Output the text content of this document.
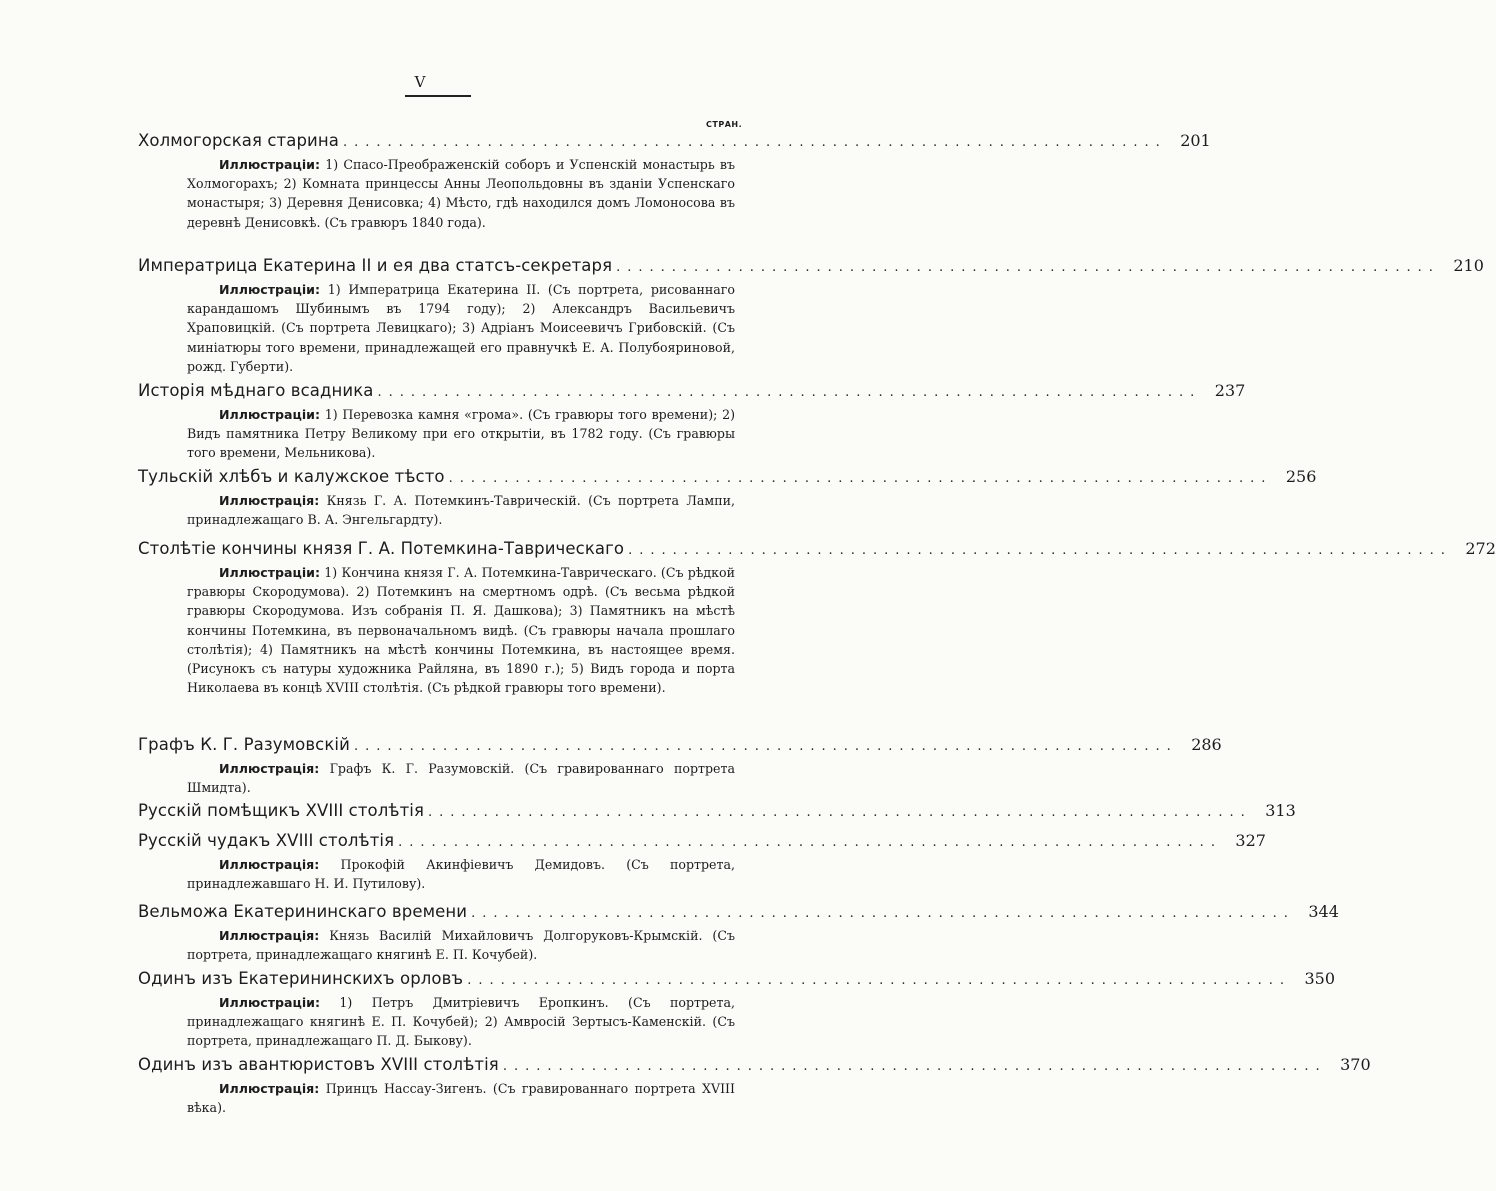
V
СТРАН.
Холмогорская старина .......................................................................... 201
Иллюстраціи: 1) Спасо-Преображенскій соборъ и Успенскій монастырь въ Холмогорахъ; 2) Комната принцессы Анны Леопольдовны въ зданіи Успенскаго монастыря; 3) Деревня Денисовка; 4) Мѣсто, гдѣ находился домъ Ломоносова въ деревнѣ Денисовкѣ. (Съ гравюръ 1840 года).
Императрица Екатерина II и ея два статсъ-секретаря .......................................................................... 210
Иллюстраціи: 1) Императрица Екатерина II. (Съ портрета, рисованнаго карандашомъ Шубинымъ въ 1794 году); 2) Александръ Васильевичъ Храповицкій. (Съ портрета Левицкаго); 3) Адріанъ Моисеевичъ Грибовскій. (Съ миніатюры того времени, принадлежащей его правнучкѣ Е. А. Полубояриновой, рожд. Губерти).
Исторія мѣднаго всадника .......................................................................... 237
Иллюстраціи: 1) Перевозка камня «грома». (Съ гравюры того времени); 2) Видъ памятника Петру Великому при его открытіи, въ 1782 году. (Съ гравюры того времени, Мельникова).
Тульскій хлѣбъ и калужское тѣсто .......................................................................... 256
Иллюстрація: Князь Г. А. Потемкинъ-Таврическій. (Съ портрета Лампи, принадлежащаго В. А. Энгельгардту).
Столѣтіе кончины князя Г. А. Потемкина-Таврическаго .......................................................................... 272
Иллюстраціи: 1) Кончина князя Г. А. Потемкина-Таврическаго. (Съ рѣдкой гравюры Скородумова). 2) Потемкинъ на смертномъ одрѣ. (Съ весьма рѣдкой гравюры Скородумова. Изъ собранія П. Я. Дашкова); 3) Памятникъ на мѣстѣ кончины Потемкина, въ первоначальномъ видѣ. (Съ гравюры начала прошлаго столѣтія); 4) Памятникъ на мѣстѣ кончины Потемкина, въ настоящее время. (Рисунокъ съ натуры художника Райляна, въ 1890 г.); 5) Видъ города и порта Николаева въ концѣ XVIII столѣтія. (Съ рѣдкой гравюры того времени).
Графъ К. Г. Разумовскій .......................................................................... 286
Иллюстрація: Графъ К. Г. Разумовскій. (Съ гравированнаго портрета Шмидта).
Русскій помѣщикъ XVIII столѣтія .......................................................................... 313
Русскій чудакъ XVIII столѣтія .......................................................................... 327
Иллюстрація: Прокофій Акинфіевичъ Демидовъ. (Съ портрета, принадлежавшаго Н. И. Путилову).
Вельможа Екатерининскаго времени .......................................................................... 344
Иллюстрація: Князь Василій Михайловичъ Долгоруковъ-Крымскій. (Съ портрета, принадлежащаго княгинѣ Е. П. Кочубей).
Одинъ изъ Екатерининскихъ орловъ .......................................................................... 350
Иллюстраціи: 1) Петръ Дмитріевичъ Еропкинъ. (Съ портрета, принадлежащаго княгинѣ Е. П. Кочубей); 2) Амвросій Зертысъ-Каменскій. (Съ портрета, принадлежащаго П. Д. Быкову).
Одинъ изъ авантюристовъ XVIII столѣтія .......................................................................... 370
Иллюстрація: Принцъ Нассау-Зигенъ. (Съ гравированнаго портрета XVIII вѣка).
